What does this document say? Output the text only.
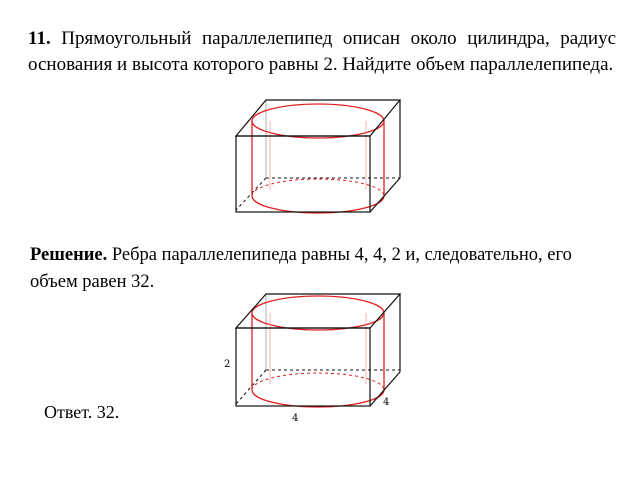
11. Прямоугольный параллелепипед описан около цилиндра, радиус основания и высота которого равны 2. Найдите объем параллелепипеда.
Решение. Ребра параллелепипеда равны 4, 4, 2 и, следовательно, его объем равен 32.
2
4
4
Ответ. 32.
